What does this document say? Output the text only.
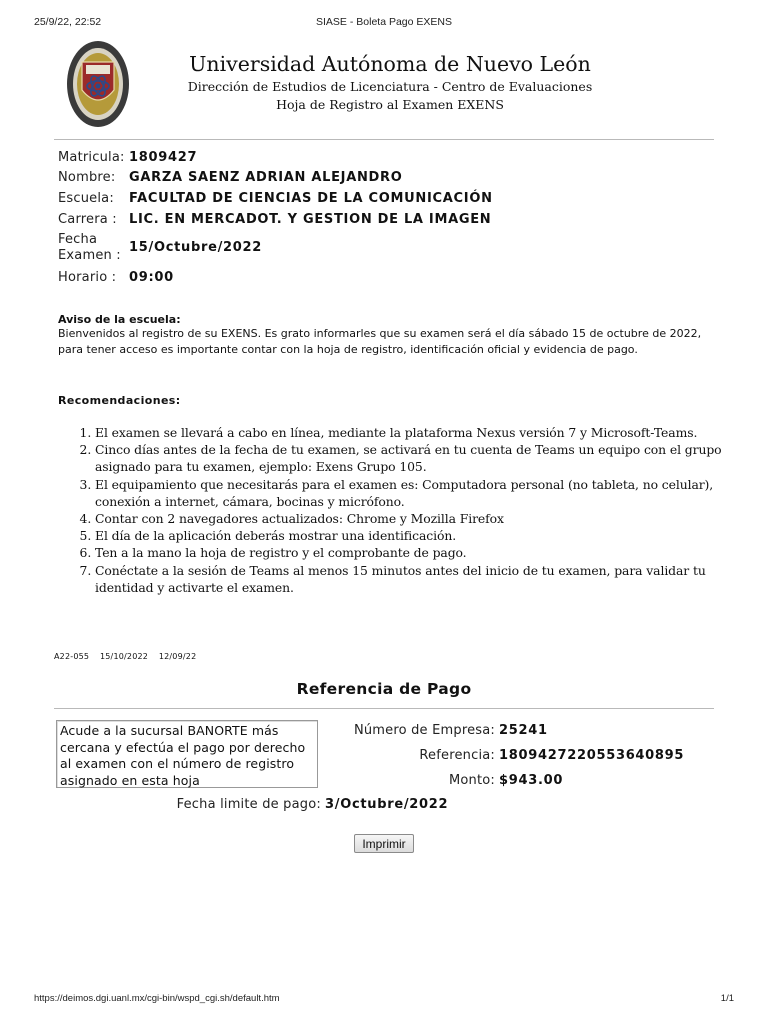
25/9/22, 22:52	SIASE - Boleta Pago EXENS
Universidad Autónoma de Nuevo León
Dirección de Estudios de Licenciatura - Centro de Evaluaciones
Hoja de Registro al Examen EXENS
Matricula: 1809427
Nombre: GARZA SAENZ ADRIAN ALEJANDRO
Escuela: FACULTAD DE CIENCIAS DE LA COMUNICACIÓN
Carrera : LIC. EN MERCADOT. Y GESTION DE LA IMAGEN
Fecha
Examen :
15/Octubre/2022
Horario : 09:00
Aviso de la escuela:
Bienvenidos al registro de su EXENS. Es grato informarles que su examen será el día sábado 15 de octubre de 2022, para tener acceso es importante contar con la hoja de registro, identificación oficial y evidencia de pago.
Recomendaciones:
1. El examen se llevará a cabo en línea, mediante la plataforma Nexus versión 7 y Microsoft-Teams.
2. Cinco días antes de la fecha de tu examen, se activará en tu cuenta de Teams un equipo con el grupo asignado para tu examen, ejemplo: Exens Grupo 105.
3. El equipamiento que necesitarás para el examen es: Computadora personal (no tableta, no celular), conexión a internet, cámara, bocinas y micrófono.
4. Contar con 2 navegadores actualizados: Chrome y Mozilla Firefox
5. El día de la aplicación deberás mostrar una identificación.
6. Ten a la mano la hoja de registro y el comprobante de pago.
7. Conéctate a la sesión de Teams al menos 15 minutos antes del inicio de tu examen, para validar tu identidad y activarte el examen.
A22-055 15/10/2022 12/09/22
Referencia de Pago
Acude a la sucursal BANORTE más cercana y efectúa el pago por derecho al examen con el número de registro asignado en esta hoja
Número de Empresa: 25241
Referencia: 1809427220553640895
Monto: $943.00
Fecha limite de pago: 3/Octubre/2022
Imprimir
https://deimos.dgi.uanl.mx/cgi-bin/wspd_cgi.sh/default.htm	1/1
